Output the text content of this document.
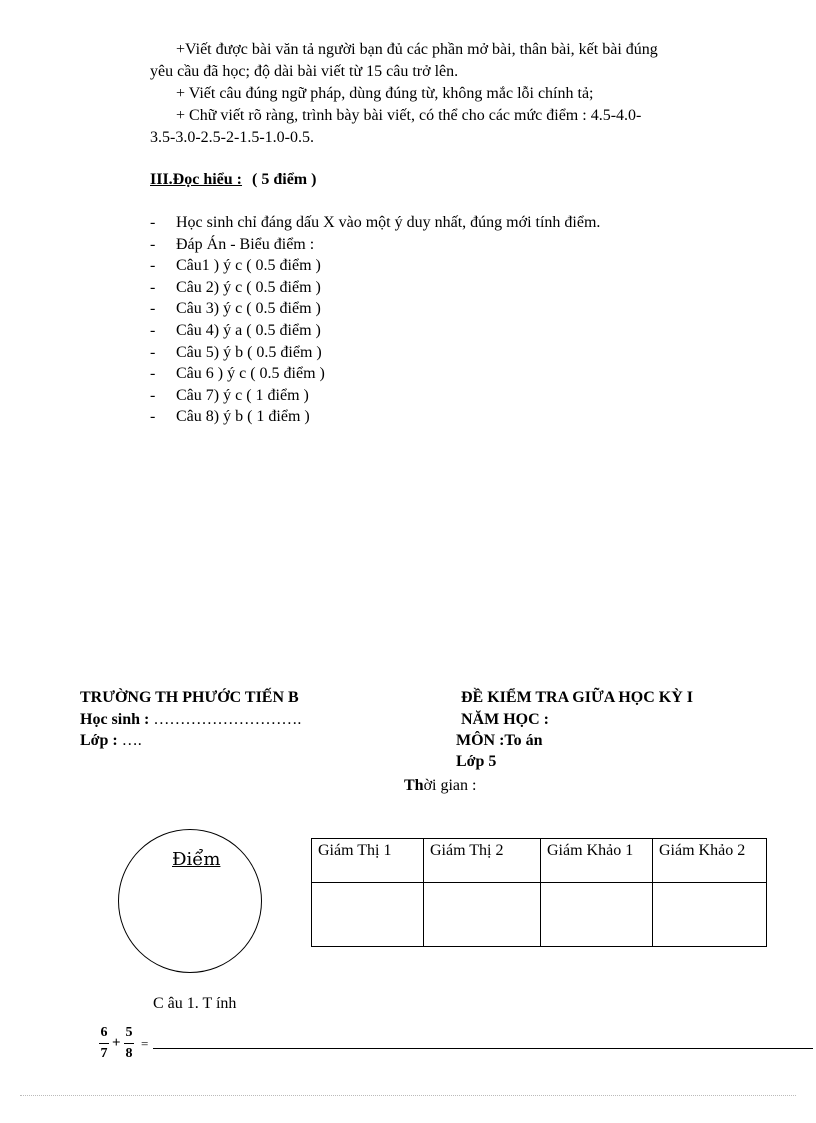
+Viết được bài văn tả người bạn đủ các phần mở bài, thân bài, kết bài đúng
yêu cầu đã học; độ dài bài viết từ 15 câu trở lên.
+ Viết câu đúng ngữ pháp, dùng đúng từ, không mắc lỗi chính tả;
+ Chữ viết rõ ràng, trình bày bài viết, có thể cho các mức điểm : 4.5-4.0-
3.5-3.0-2.5-2-1.5-1.0-0.5.
III.Đọc hiểu : ( 5 điểm )
- Học sinh chỉ đáng dấu X vào một ý duy nhất, đúng mới tính điểm.
- Đáp Án - Biểu điểm :
- Câu1 ) ý c ( 0.5 điểm )
- Câu 2) ý c ( 0.5 điểm )
- Câu 3) ý c ( 0.5 điểm )
- Câu 4) ý a ( 0.5 điểm )
- Câu 5) ý b ( 0.5 điểm )
- Câu 6 ) ý c ( 0.5 điểm )
- Câu 7) ý c ( 1 điểm )
- Câu 8) ý b ( 1 điểm )
TRƯỜNG TH PHƯỚC TIẾN B
Học sinh : ……………………….
Lớp : ….
ĐỀ KIỂM TRA GIỮA HỌC KỲ I
NĂM HỌC :
MÔN :To án
Lớp 5
Thời gian :
Điểm	Giám Thị 1	Giám Thị 2	Giám Khảo 1	Giám Khảo 2

C âu 1. T ính
6
7
+
5
8
=
